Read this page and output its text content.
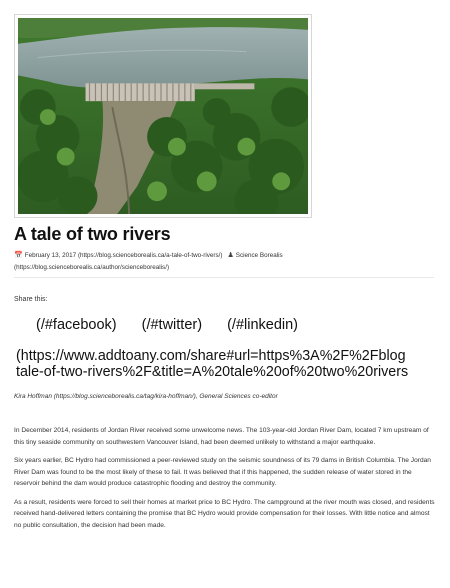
A tale of two rivers
📅 February 13, 2017 (https://blog.scienceborealis.ca/a-tale-of-two-rivers/) ♟ Science Borealis
(https://blog.scienceborealis.ca/author/scienceborealis/)
Share this:
(/#facebook) (/#twitter) (/#linkedin)
(https://www.addtoany.com/share#url=https%3A%2F%2Fblog
tale-of-two-rivers%2F&title=A%20tale%20of%20two%20rivers
Kira Hoffman (https://blog.scienceborealis.ca/tag/kira-hoffman/), General Sciences co-editor

In December 2014, residents of Jordan River received some unwelcome news. The 103-year-old Jordan River Dam, located 7 km upstream of this tiny seaside community on southwestern Vancouver Island, had been deemed unlikely to withstand a major earthquake.

Six years earlier, BC Hydro had commissioned a peer-reviewed study on the seismic soundness of its 79 dams in British Columbia. The Jordan River Dam was found to be the most likely of these to fail. It was believed that if this happened, the sudden release of water stored in the reservoir behind the dam would produce catastrophic flooding and destroy the community.

As a result, residents were forced to sell their homes at market price to BC Hydro. The campground at the river mouth was closed, and residents received hand-delivered letters containing the promise that BC Hydro would provide compensation for their losses. With little notice and almost no public consultation, the decision had been made.
